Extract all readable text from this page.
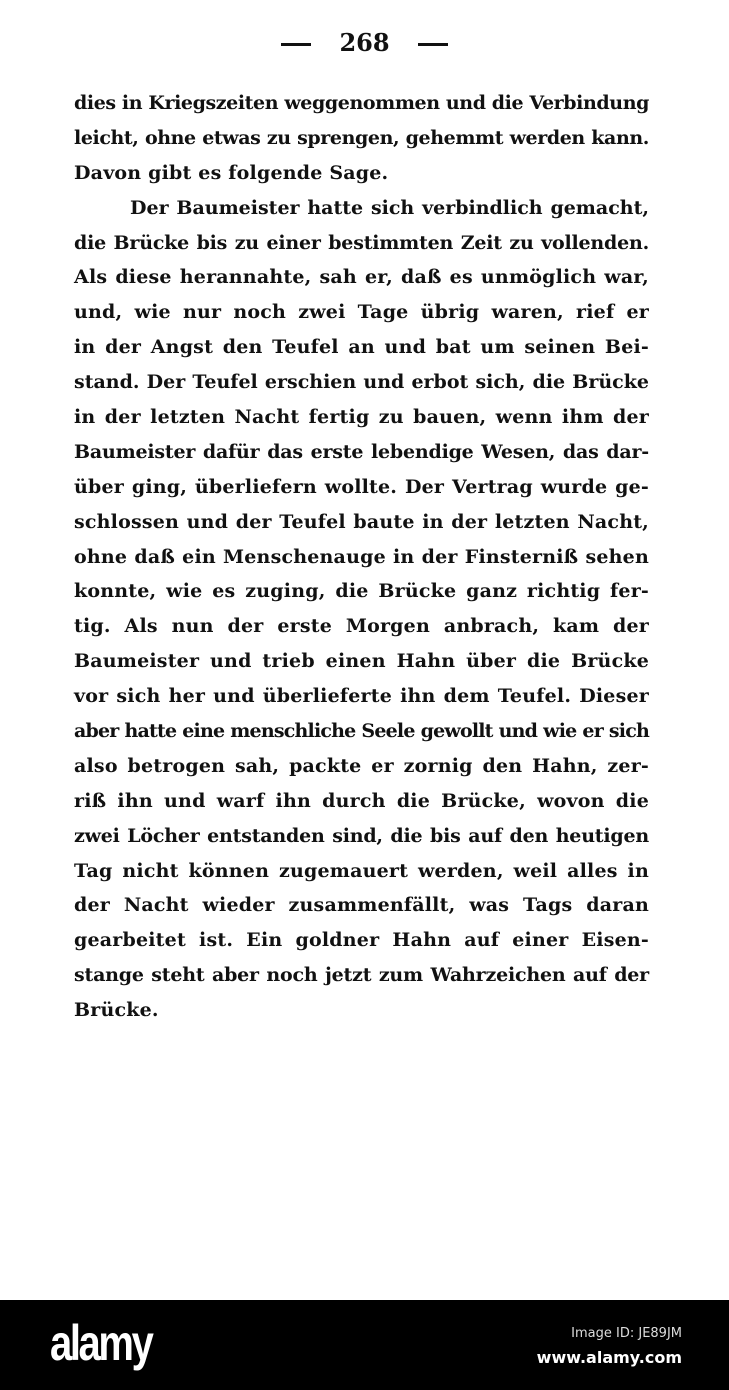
268
dies in Kriegszeiten weggenommen und die Verbindung
leicht, ohne etwas zu sprengen, gehemmt werden kann.
Davon gibt es folgende Sage.
Der Baumeister hatte sich verbindlich gemacht,
die Brücke bis zu einer bestimmten Zeit zu vollenden.
Als diese herannahte, sah er, daß es unmöglich war,
und, wie nur noch zwei Tage übrig waren, rief er
in der Angst den Teufel an und bat um seinen Bei-
stand. Der Teufel erschien und erbot sich, die Brücke
in der letzten Nacht fertig zu bauen, wenn ihm der
Baumeister dafür das erste lebendige Wesen, das dar-
über ging, überliefern wollte. Der Vertrag wurde ge-
schlossen und der Teufel baute in der letzten Nacht,
ohne daß ein Menschenauge in der Finsterniß sehen
konnte, wie es zuging, die Brücke ganz richtig fer-
tig. Als nun der erste Morgen anbrach, kam der
Baumeister und trieb einen Hahn über die Brücke
vor sich her und überlieferte ihn dem Teufel. Dieser
aber hatte eine menschliche Seele gewollt und wie er sich
also betrogen sah, packte er zornig den Hahn, zer-
riß ihn und warf ihn durch die Brücke, wovon die
zwei Löcher entstanden sind, die bis auf den heutigen
Tag nicht können zugemauert werden, weil alles in
der Nacht wieder zusammenfällt, was Tags daran
gearbeitet ist. Ein goldner Hahn auf einer Eisen-
stange steht aber noch jetzt zum Wahrzeichen auf der
Brücke.
alamy	Image ID: JE89JM
www.alamy.com
